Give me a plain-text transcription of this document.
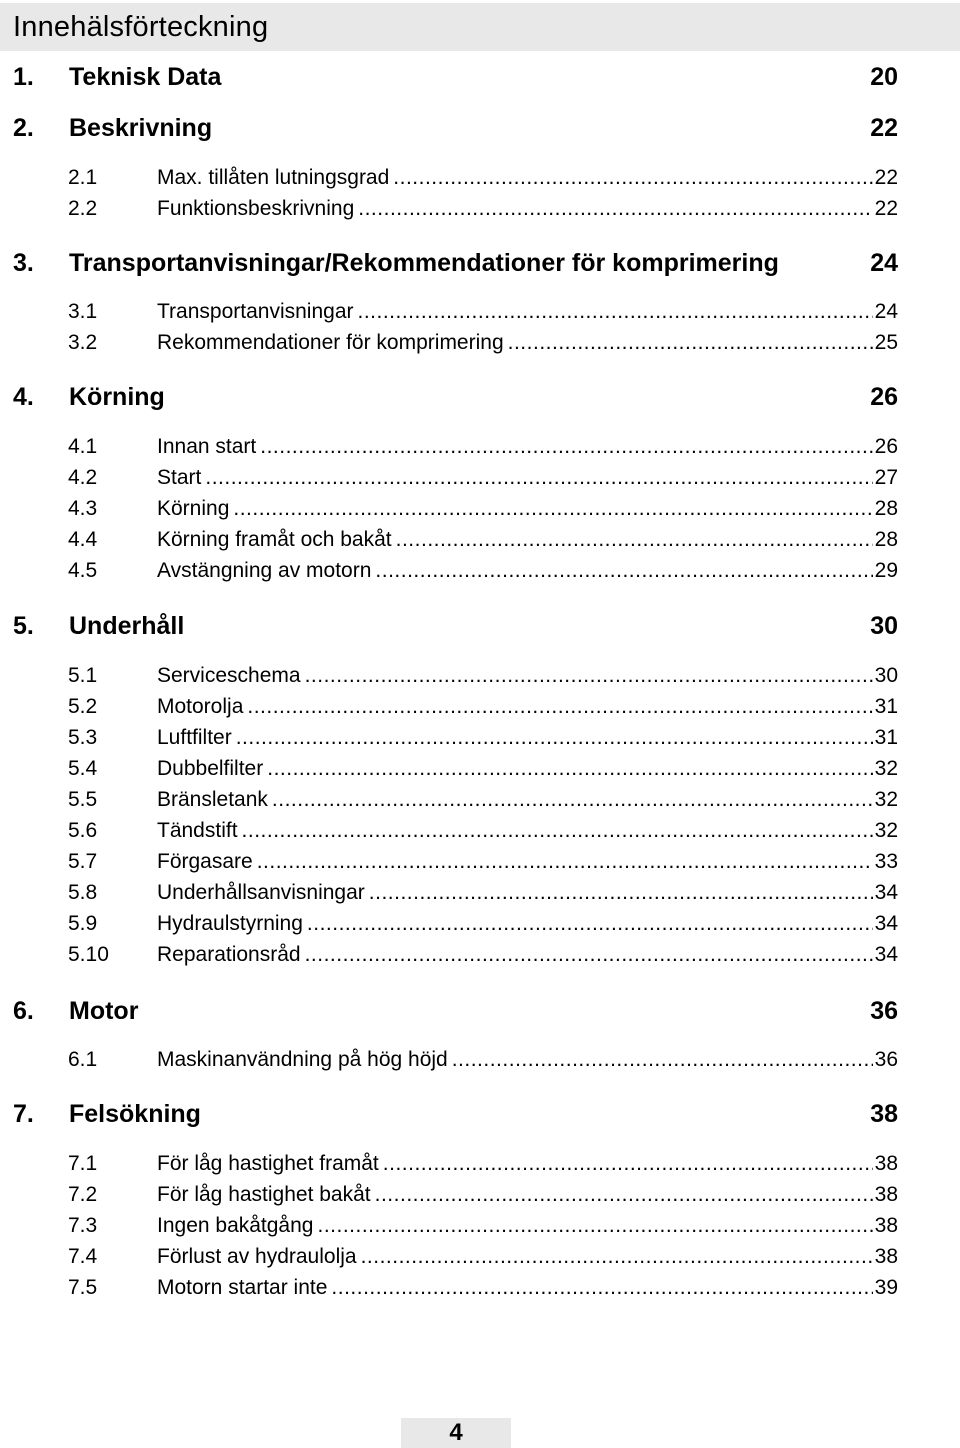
Innehälsförteckning
1. Teknisk Data	20
2. Beskrivning	22
2.1	Max. tillåten lutningsgrad .....	22
2.2	Funktionsbeskrivning .....	22
3. Transportanvisningar/Rekommendationer för komprimering	24
3.1	Transportanvisningar .....	24
3.2	Rekommendationer för komprimering .....	25
4. Körning	26
4.1	Innan start .....	26
4.2	Start .....	27
4.3	Körning .....	28
4.4	Körning framåt och bakåt .....	28
4.5	Avstängning av motorn .....	29
5. Underhåll	30
5.1	Serviceschema .....	30
5.2	Motorolja .....	31
5.3	Luftfilter .....	31
5.4	Dubbelfilter .....	32
5.5	Bränsletank .....	32
5.6	Tändstift .....	32
5.7	Förgasare .....	33
5.8	Underhållsanvisningar .....	34
5.9	Hydraulstyrning .....	34
5.10 Reparationsråd .....	34
6. Motor	36
6.1	Maskinanvändning på hög höjd .....	36
7. Felsökning	38
7.1	För låg hastighet framåt .....	38
7.2	För låg hastighet bakåt .....	38
7.3	Ingen bakåtgång .....	38
7.4	Förlust av hydraulolja .....	38
7.5	Motorn startar inte .....	39
4
